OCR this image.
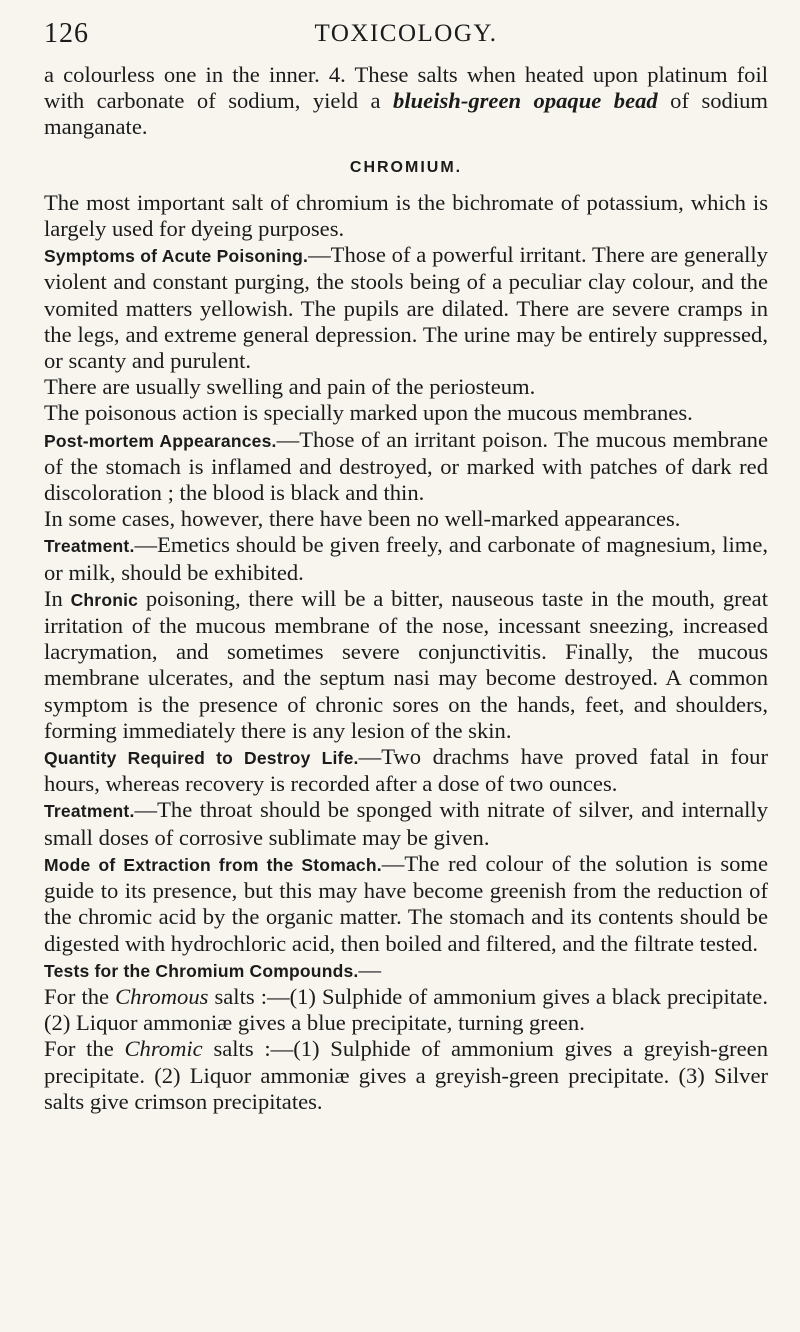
126	TOXICOLOGY.

a colourless one in the inner. 4. These salts when heated upon platinum foil with carbonate of sodium, yield a blueish-green opaque bead of sodium manganate.

CHROMIUM.

The most important salt of chromium is the bichromate of potassium, which is largely used for dyeing purposes.

Symptoms of Acute Poisoning.—Those of a powerful irritant. There are generally violent and constant purging, the stools being of a peculiar clay colour, and the vomited matters yellowish. The pupils are dilated. There are severe cramps in the legs, and extreme general depression. The urine may be entirely suppressed, or scanty and purulent.

There are usually swelling and pain of the periosteum.

The poisonous action is specially marked upon the mucous membranes.

Post-mortem Appearances.—Those of an irritant poison. The mucous membrane of the stomach is inflamed and destroyed, or marked with patches of dark red discoloration ; the blood is black and thin.

In some cases, however, there have been no well-marked appearances.

Treatment.—Emetics should be given freely, and carbonate of magnesium, lime, or milk, should be exhibited.

In Chronic poisoning, there will be a bitter, nauseous taste in the mouth, great irritation of the mucous membrane of the nose, incessant sneezing, increased lacrymation, and sometimes severe conjunctivitis. Finally, the mucous membrane ulcerates, and the septum nasi may become destroyed. A common symptom is the presence of chronic sores on the hands, feet, and shoulders, forming immediately there is any lesion of the skin.

Quantity Required to Destroy Life.—Two drachms have proved fatal in four hours, whereas recovery is recorded after a dose of two ounces.

Treatment.—The throat should be sponged with nitrate of silver, and internally small doses of corrosive sublimate may be given.

Mode of Extraction from the Stomach.—The red colour of the solution is some guide to its presence, but this may have become greenish from the reduction of the chromic acid by the organic matter. The stomach and its contents should be digested with hydrochloric acid, then boiled and filtered, and the filtrate tested.

Tests for the Chromium Compounds.—

For the Chromous salts :—(1) Sulphide of ammonium gives a black precipitate. (2) Liquor ammoniæ gives a blue precipitate, turning green.

For the Chromic salts :—(1) Sulphide of ammonium gives a greyish-green precipitate. (2) Liquor ammoniæ gives a greyish-green precipitate. (3) Silver salts give crimson precipitates.
